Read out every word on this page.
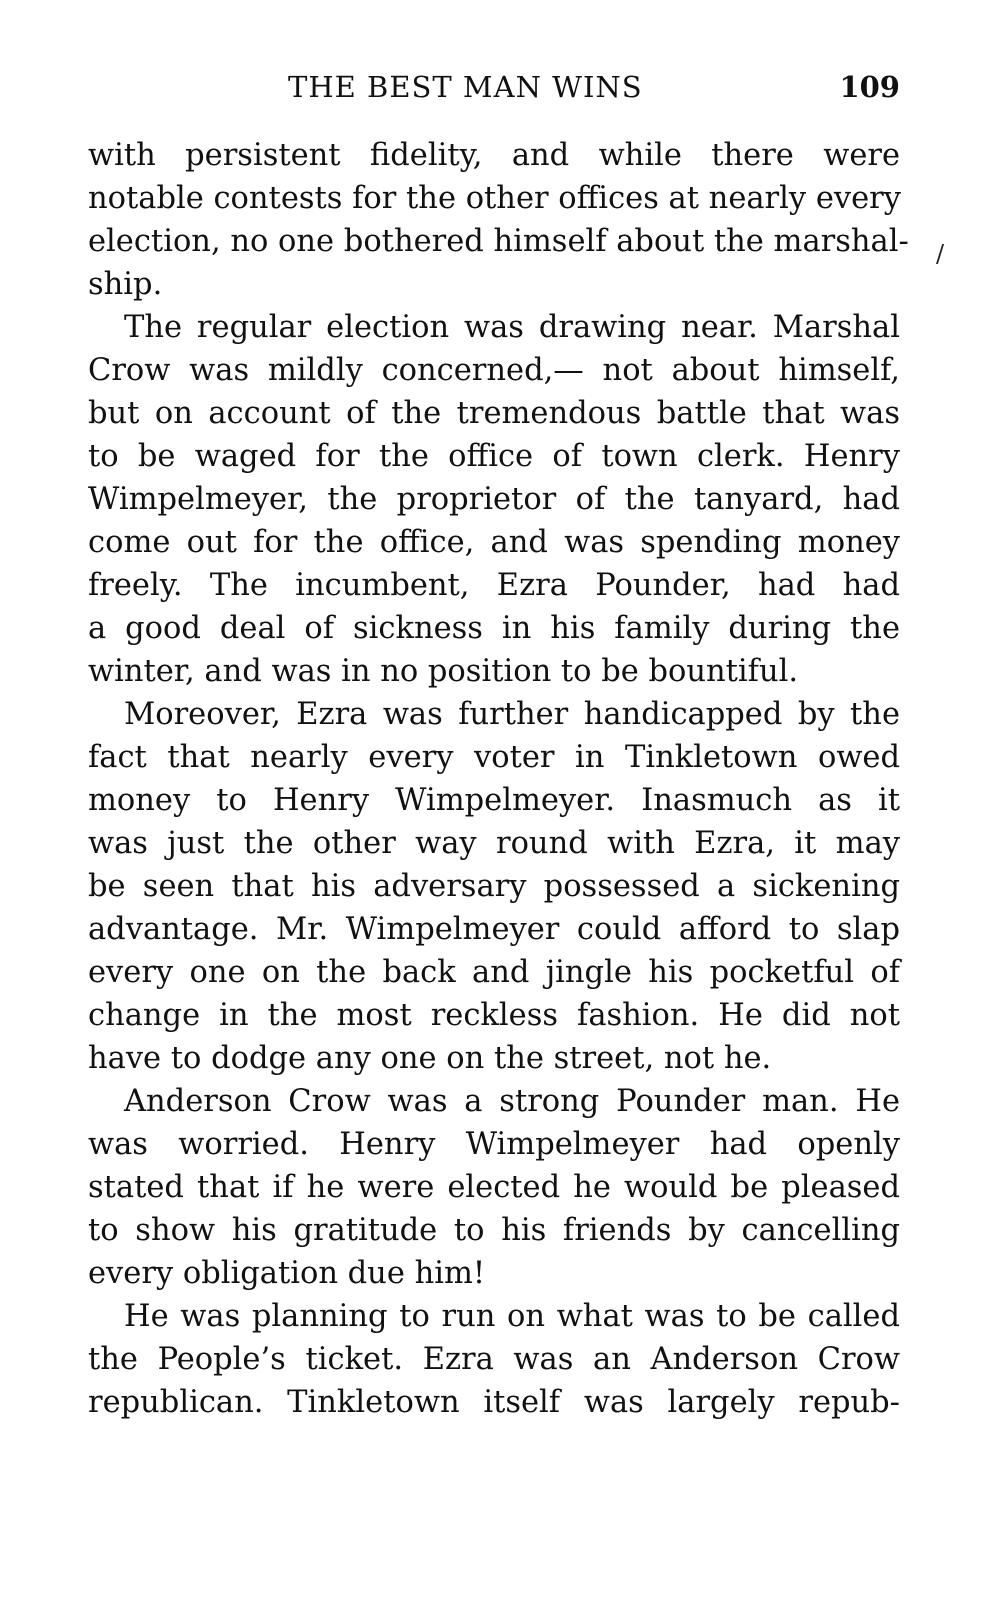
THE BEST MAN WINS	109
/
with persistent fidelity, and while there were
notable contests for the other offices at nearly every
election, no one bothered himself about the marshal-
ship.
The regular election was drawing near. Marshal
Crow was mildly concerned,— not about himself,
but on account of the tremendous battle that was
to be waged for the office of town clerk. Henry
Wimpelmeyer, the proprietor of the tanyard, had
come out for the office, and was spending money
freely. The incumbent, Ezra Pounder, had had
a good deal of sickness in his family during the
winter, and was in no position to be bountiful.
Moreover, Ezra was further handicapped by the
fact that nearly every voter in Tinkletown owed
money to Henry Wimpelmeyer. Inasmuch as it
was just the other way round with Ezra, it may
be seen that his adversary possessed a sickening
advantage. Mr. Wimpelmeyer could afford to slap
every one on the back and jingle his pocketful of
change in the most reckless fashion. He did not
have to dodge any one on the street, not he.
Anderson Crow was a strong Pounder man. He
was worried. Henry Wimpelmeyer had openly
stated that if he were elected he would be pleased
to show his gratitude to his friends by cancelling
every obligation due him!
He was planning to run on what was to be called
the People’s ticket. Ezra was an Anderson Crow
republican. Tinkletown itself was largely repub-
